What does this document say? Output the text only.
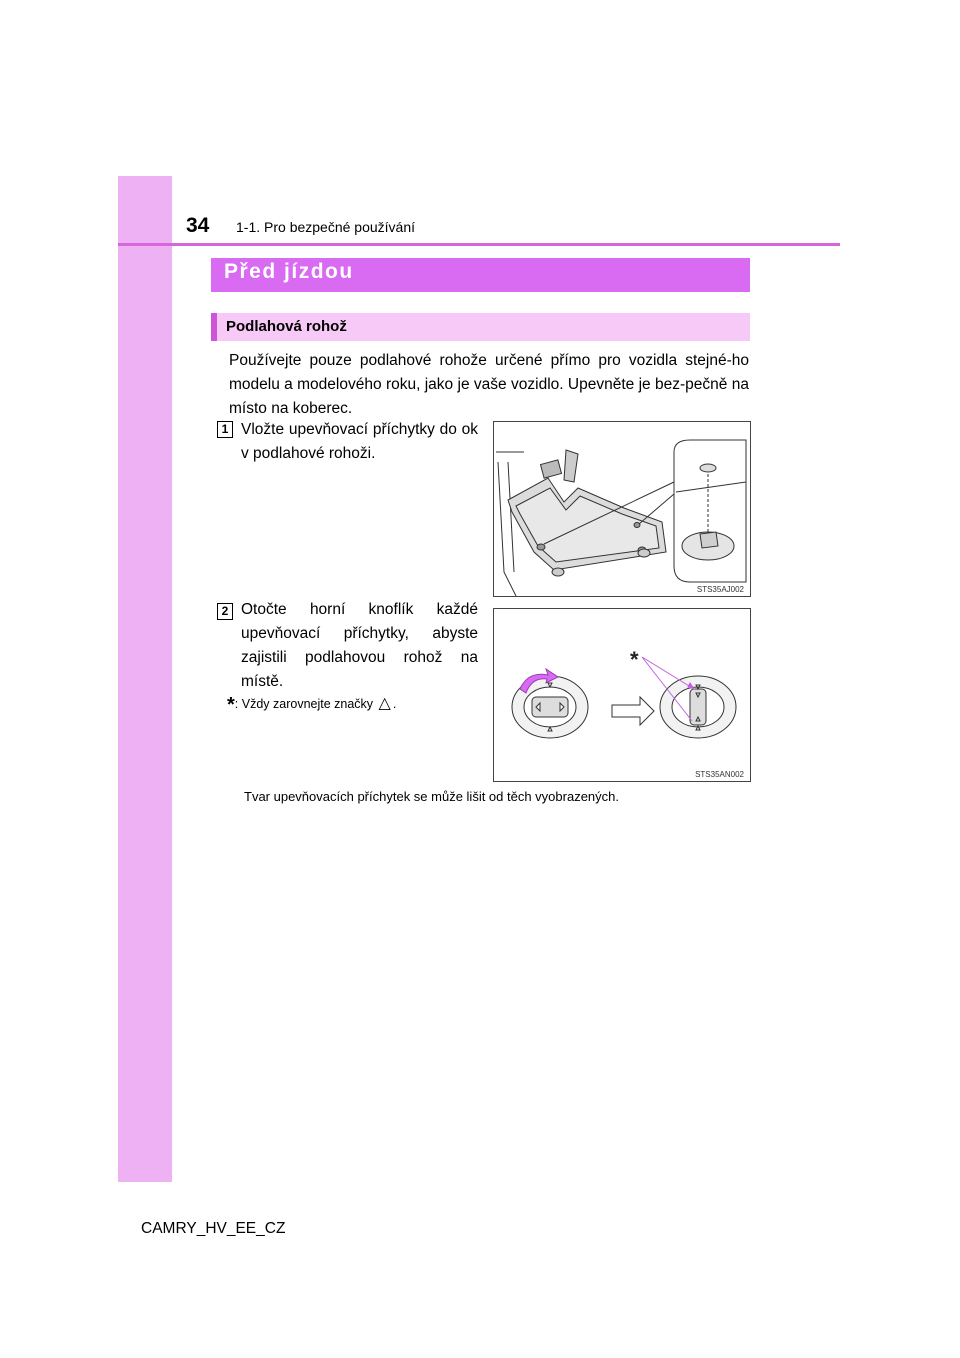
34 1-1. Pro bezpečné používání
Před jízdou
Podlahová rohož
Používejte pouze podlahové rohože určené přímo pro vozidla stejné-ho modelu a modelového roku, jako je vaše vozidlo. Upevněte je bez-pečně na místo na koberec.
1 Vložte upevňovací příchytky do ok v podlahové rohoži.
STS35AJ002
2 Otočte horní knoflík každé upevňovací příchytky, abyste zajistili podlahovou rohož na místě.
*
STS35AN002
*: Vždy zarovnejte značky △ .
Tvar upevňovacích příchytek se může lišit od těch vyobrazených.
CAMRY_HV_EE_CZ
